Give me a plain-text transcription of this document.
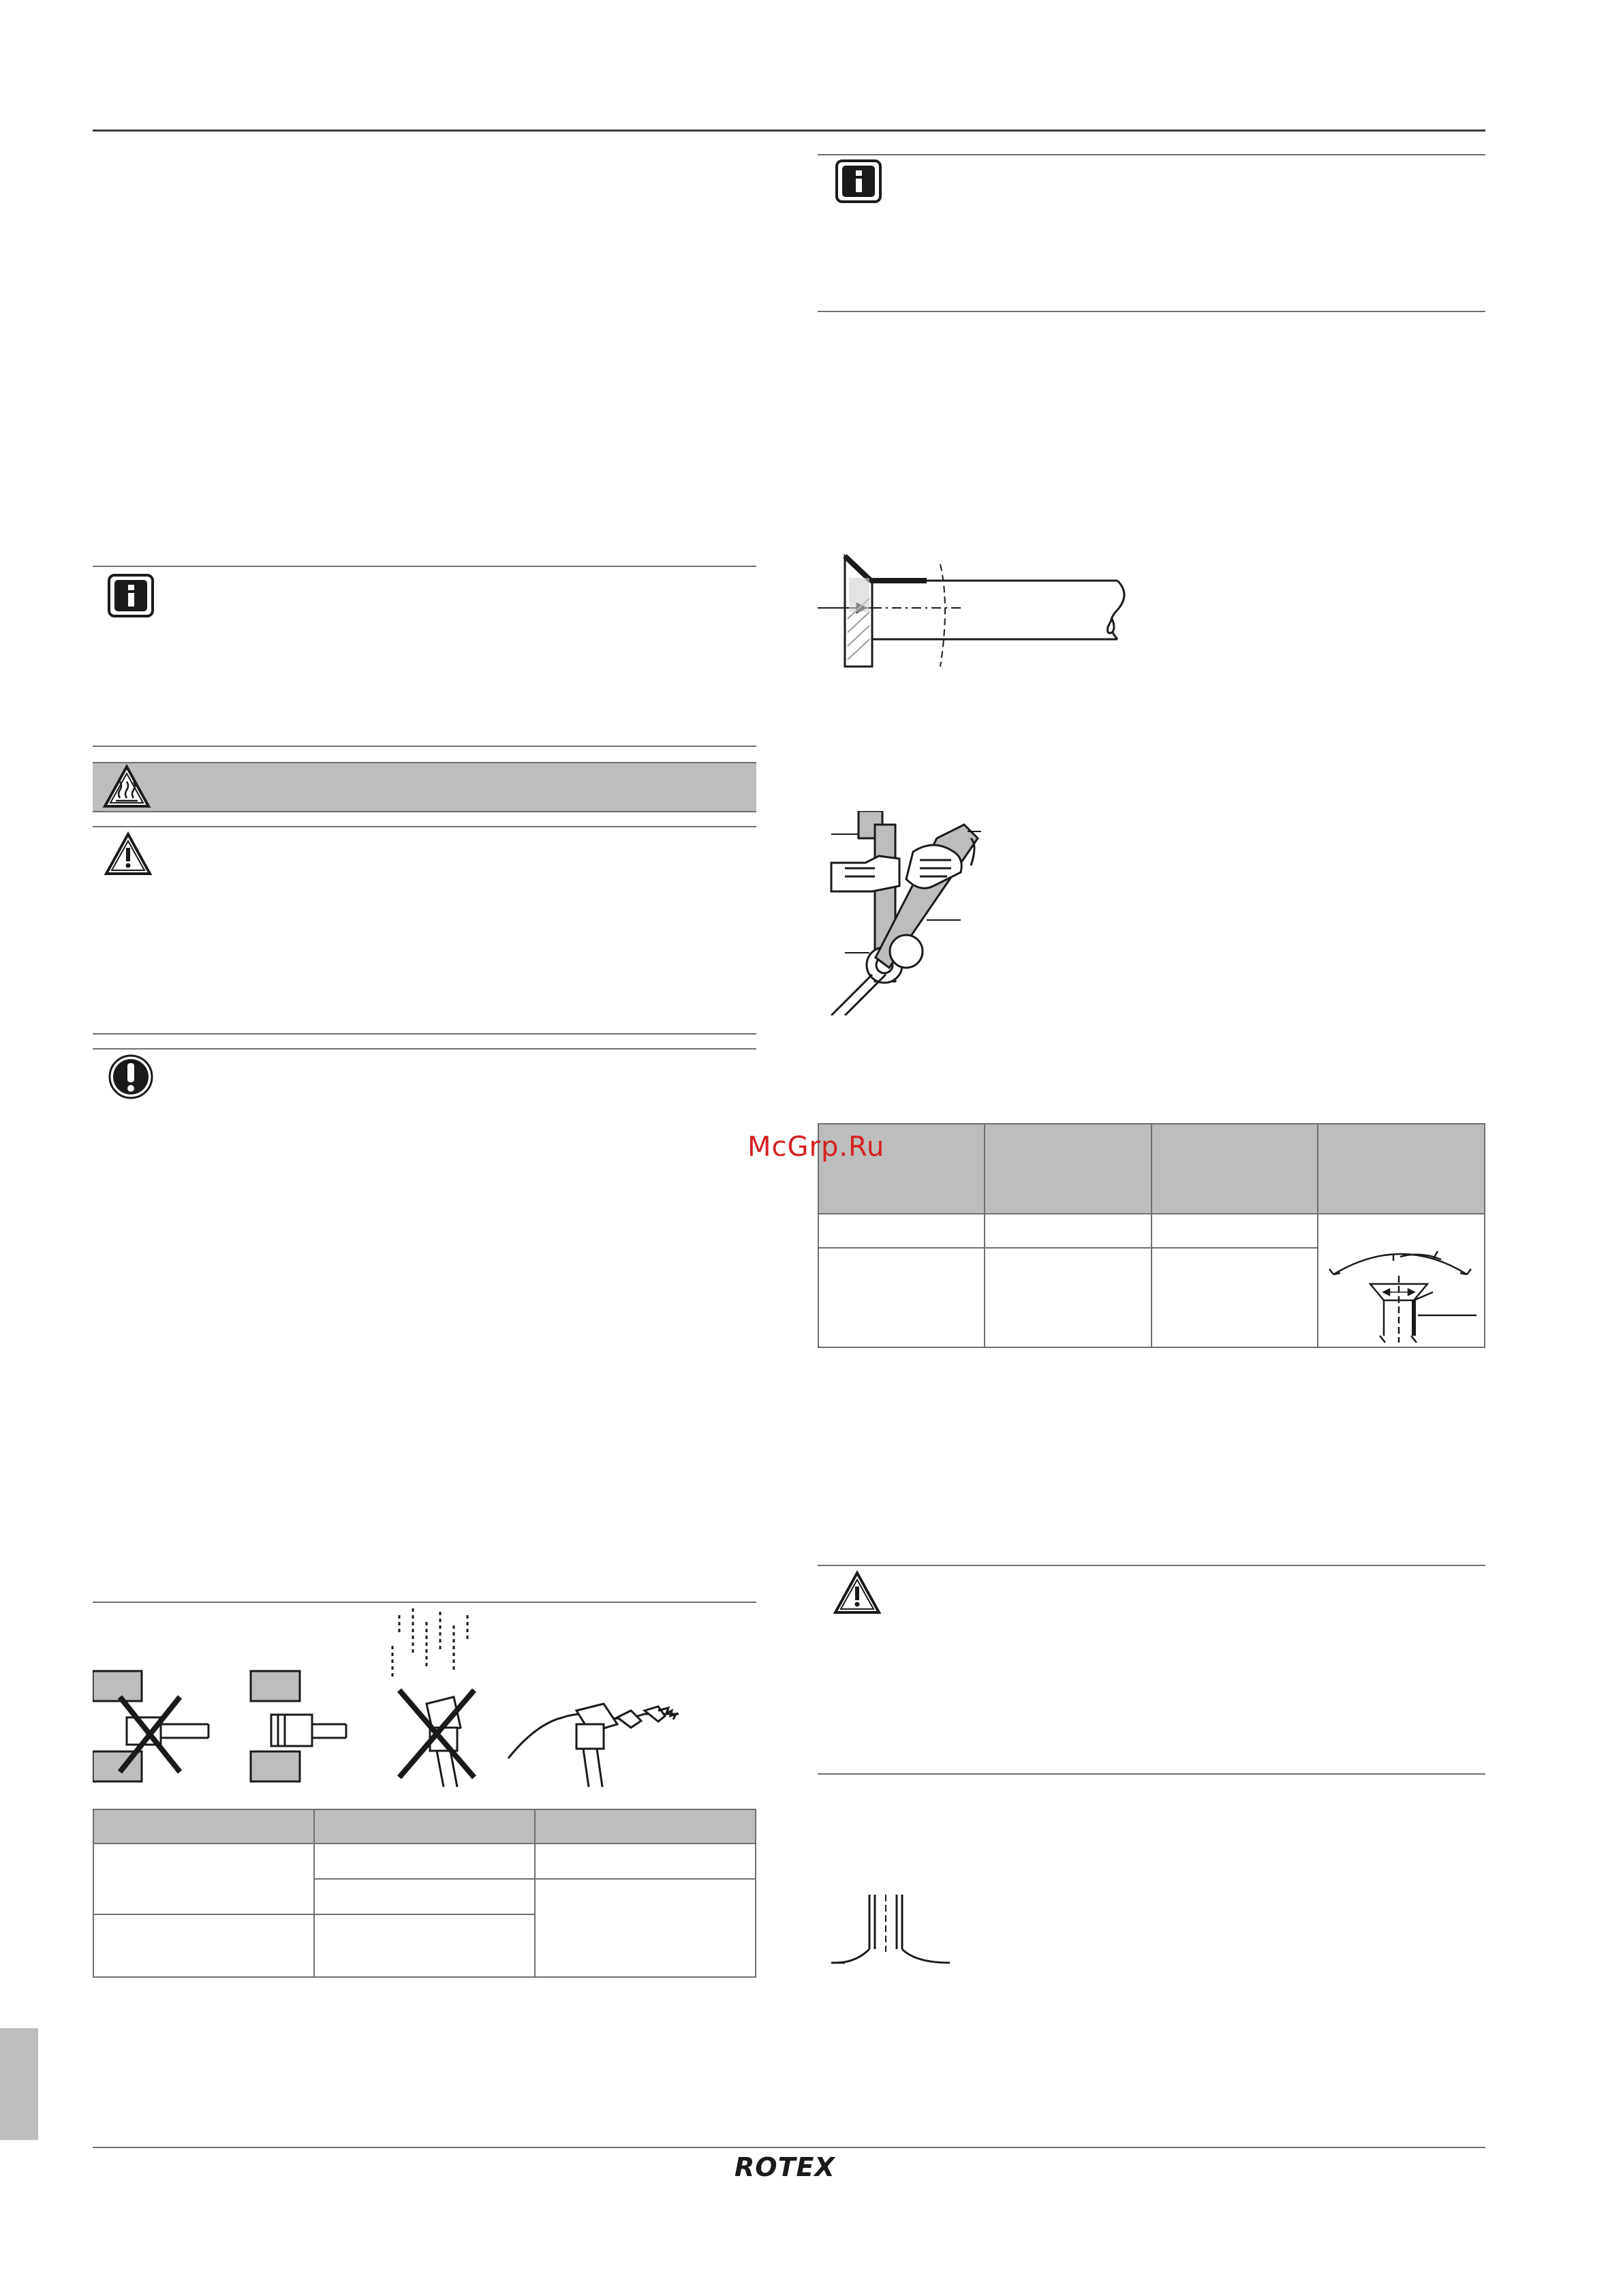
McGrp.Ru
ROTEX
